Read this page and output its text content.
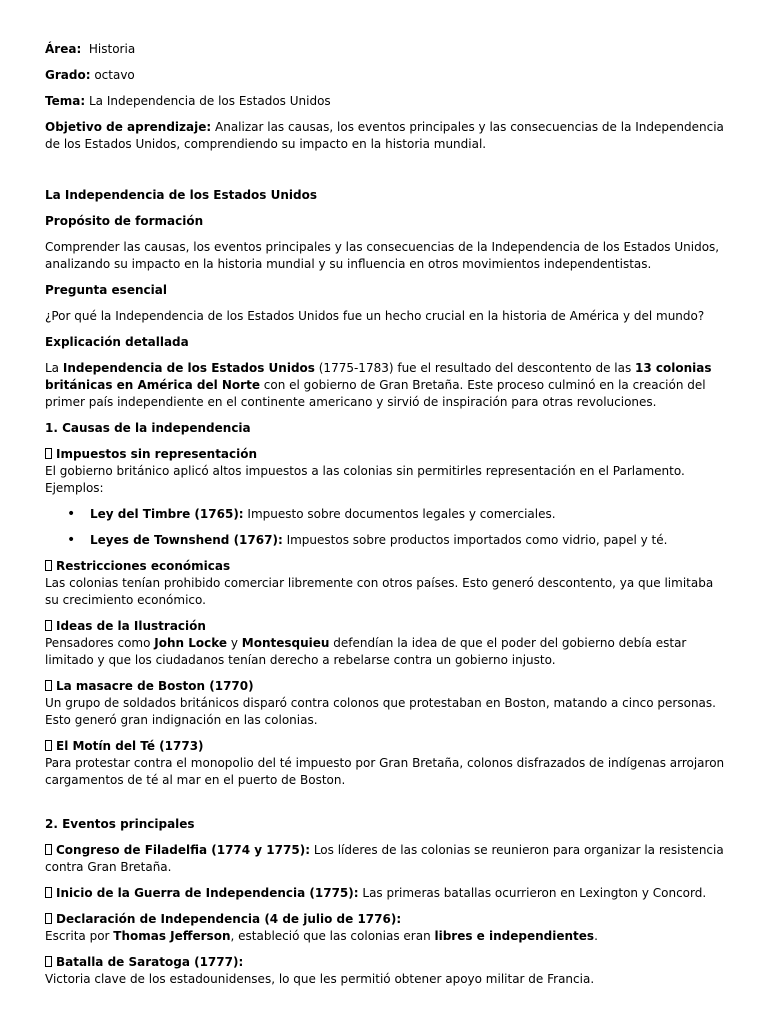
Área: Historia

Grado: octavo

Tema: La Independencia de los Estados Unidos

Objetivo de aprendizaje: Analizar las causas, los eventos principales y las consecuencias de la Independencia de los Estados Unidos, comprendiendo su impacto en la historia mundial.

La Independencia de los Estados Unidos

Propósito de formación

Comprender las causas, los eventos principales y las consecuencias de la Independencia de los Estados Unidos, analizando su impacto en la historia mundial y su influencia en otros movimientos independentistas.

Pregunta esencial

¿Por qué la Independencia de los Estados Unidos fue un hecho crucial en la historia de América y del mundo?

Explicación detallada

La Independencia de los Estados Unidos (1775-1783) fue el resultado del descontento de las 13 colonias británicas en América del Norte con el gobierno de Gran Bretaña. Este proceso culminó en la creación del primer país independiente en el continente americano y sirvió de inspiración para otras revoluciones.

1. Causas de la independencia

Impuestos sin representación
El gobierno británico aplicó altos impuestos a las colonias sin permitirles representación en el Parlamento. Ejemplos:

• Ley del Timbre (1765): Impuesto sobre documentos legales y comerciales.
• Leyes de Townshend (1767): Impuestos sobre productos importados como vidrio, papel y té.

Restricciones económicas
Las colonias tenían prohibido comerciar libremente con otros países. Esto generó descontento, ya que limitaba su crecimiento económico.

Ideas de la Ilustración
Pensadores como John Locke y Montesquieu defendían la idea de que el poder del gobierno debía estar limitado y que los ciudadanos tenían derecho a rebelarse contra un gobierno injusto.

La masacre de Boston (1770)
Un grupo de soldados británicos disparó contra colonos que protestaban en Boston, matando a cinco personas. Esto generó gran indignación en las colonias.

El Motín del Té (1773)
Para protestar contra el monopolio del té impuesto por Gran Bretaña, colonos disfrazados de indígenas arrojaron cargamentos de té al mar en el puerto de Boston.

2. Eventos principales

Congreso de Filadelfia (1774 y 1775): Los líderes de las colonias se reunieron para organizar la resistencia contra Gran Bretaña.

Inicio de la Guerra de Independencia (1775): Las primeras batallas ocurrieron en Lexington y Concord.

Declaración de Independencia (4 de julio de 1776):
Escrita por Thomas Jefferson, estableció que las colonias eran libres e independientes.

Batalla de Saratoga (1777):
Victoria clave de los estadounidenses, lo que les permitió obtener apoyo militar de Francia.
